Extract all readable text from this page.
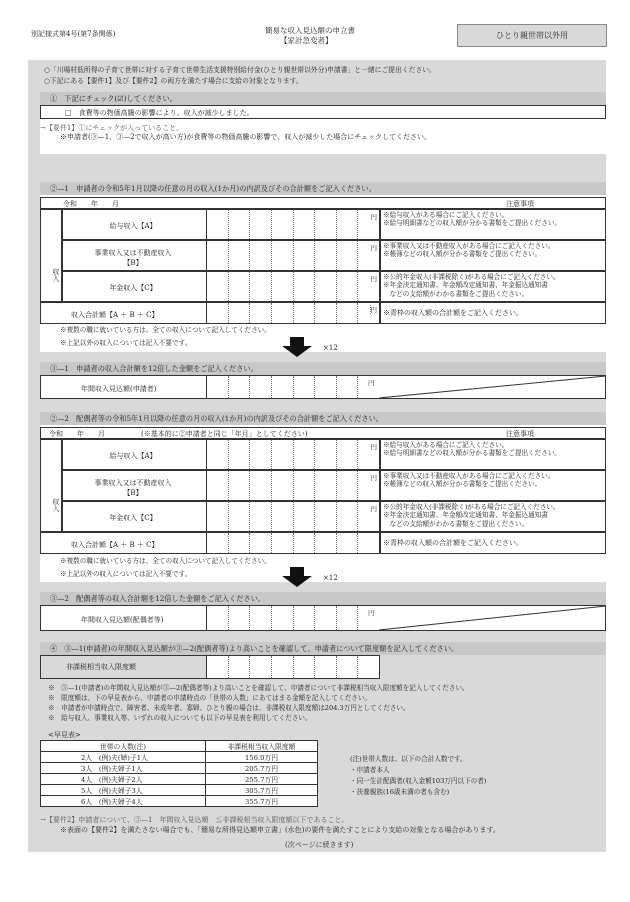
別記様式第4号(第7条関係)	簡易な収入見込額の申立書
【家計急変者】
ひとり親世帯以外用
○「川場村低所得の子育て世帯に対する子育て世帯生活支援特別給付金(ひとり親世帯以外分)申請書」と一緒にご提出ください。
○下記にある【要件1】及び【要件2】の両方を満たす場合に支給の対象となります。
①　下記にチェック(☑)してください。
□　食費等の物価高騰の影響により、収入が減少しました。
→【要件1】①にチェックが入っていること。
※申請者(③—1、③—2で収入が高い方)が食費等の物価高騰の影響で、収入が減少した場合にチェックしてください。
②—1　申請者の令和5年1月以降の任意の月の収入(1か月)の内訳及びその合計額をご記入ください。
令和　　年　　月	注意事項
収入
給与収入【A】
円 ※給与収入がある場合にご記入ください。
※給与明細書などの収入額が分かる書類をご提出ください。
事業収入又は不動産収入
【B】
円 ※事業収入又は不動産収入がある場合にご記入ください。
※帳簿などの収入額が分かる書類をご提出ください。
年金収入【C】
円 ※公的年金収入(非課税除く)がある場合にご記入ください。
※年金決定通知書、年金額改定通知書、年金振込通知書
　などの支給額がわかる書類をご提出ください。
収入合計額【A ＋ B ＋ C】
円 ※青枠の収入額の合計額をご記入ください。
※複数の職に就いている方は、全ての収入について記入してください。
※上記以外の収入については記入不要です。
×12
③—1　申請者の収入合計額を12倍した金額をご記入ください。
年間収入見込額(申請者)
円
②—2　配偶者等の令和5年1月以降の任意の月の収入(1か月)の内訳及びその合計額をご記入ください。
令和　　年　　月	(※基本的に②申請者と同じ「年月」としてください)	注意事項
収入
給与収入【A】
円 ※給与収入がある場合にご記入ください。
※給与明細書などの収入額が分かる書類をご提出ください。
事業収入又は不動産収入
【B】
円 ※事業収入又は不動産収入がある場合にご記入ください。
※帳簿などの収入額が分かる書類をご提出ください。
年金収入【C】
円 ※公的年金収入(非課税除く)がある場合にご記入ください。
※年金決定通知書、年金額改定通知書、年金振込通知書
　などの支給額がわかる書類をご提出ください。
収入合計額【A ＋ B ＋ C】	※青枠の収入額の合計額をご記入ください。
※複数の職に就いている方は、全ての収入について記入してください。
※上記以外の収入については記入不要です。	×12
③—2　配偶者等の収入合計額を12倍した金額をご記入ください。
年間収入見込額(配偶者等)
円
④　③—1(申請者)の年間収入見込額が③—2(配偶者等)より高いことを確認して、申請者について限度額を記入してください。
非課税相当収入限度額
※　③—1(申請者)の年間収入見込額が③—2(配偶者等)より高いことを確認して、申請者について非課税相当収入限度額を記入してください。
※　限度額は、下の早見表から、申請者の申請時点の「世帯の人数」にあてはまる金額を記入してください。
※　申請者が申請時点で、障害者、未成年者、寡婦、ひとり親の場合は、非課税収入限度額は204.3万円としてください。
※　給与収入、事業収入等、いずれの収入についても以下の早見表を利用してください。
<早見表>
世帯の人数(注)	非課税相当収入限度額
2人　(例)夫(婦)子1人	156.0万円
3人　(例)夫婦子1人	205.7万円
4人　(例)夫婦子2人	255.7万円
5人　(例)夫婦子3人	305.7万円
6人　(例)夫婦子4人	355.7万円
(注)世帯人数は、以下の合計人数です。
・申請者本人
・同一生計配偶者(収入金額103万円以下の者)
・扶養親族(16歳未満の者も含む)
→【要件2】申請者について、③—1　年間収入見込額　≦非課税相当収入限度額以下であること。
※表面の【要件2】を満たさない場合でも、「簡易な所得見込額申立書」(水色)の要件を満たすことにより支給の対象となる場合があります。
(次ページに続きます)
